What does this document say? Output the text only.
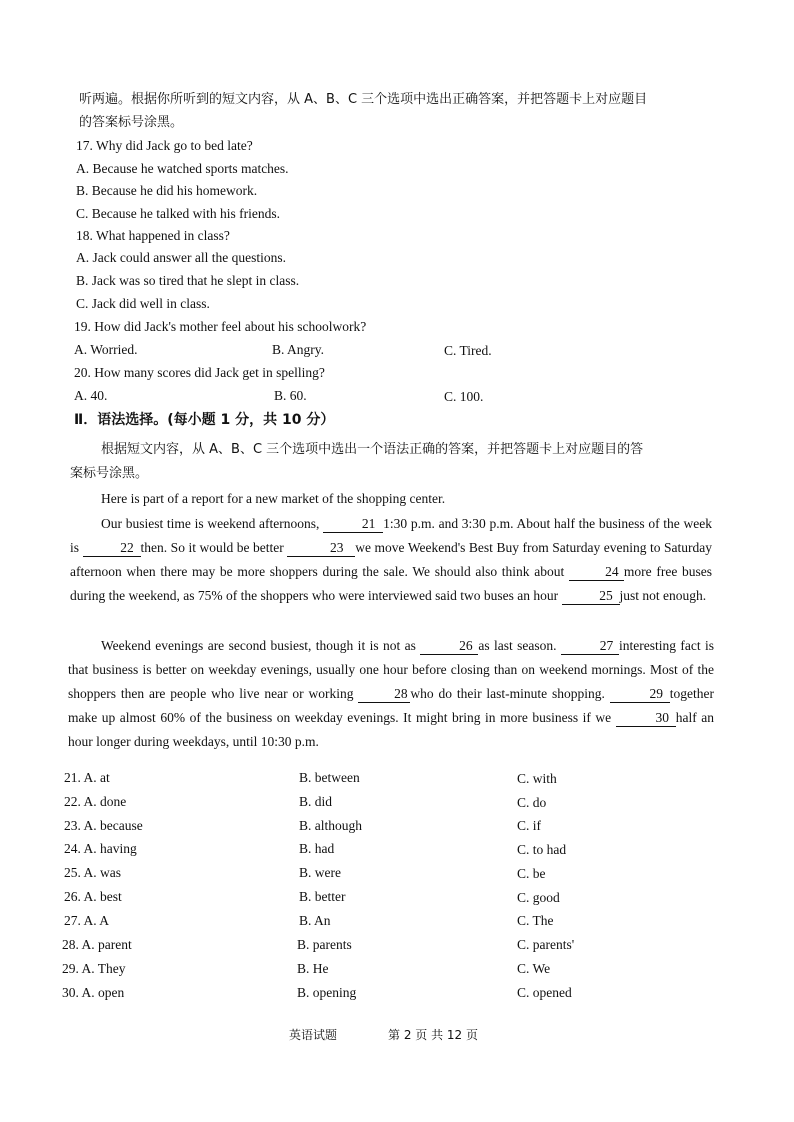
听两遍。根据你所听到的短文内容，从 A、B、C 三个选项中选出正确答案，并把答题卡上对应题目
的答案标号涂黑。
17. Why did Jack go to bed late?
A. Because he watched sports matches.
B. Because he did his homework.
C. Because he talked with his friends.
18. What happened in class?
A. Jack could answer all the questions.
B. Jack was so tired that he slept in class.
C. Jack did well in class.
19. How did Jack's mother feel about his schoolwork?
A. Worried.	B. Angry.	C. Tired.
20. How many scores did Jack get in spelling?
A. 40.	B. 60.	C. 100.
Ⅱ．语法选择。(每小题 1 分，共 10 分）
根据短文内容，从 A、B、C 三个选项中选出一个语法正确的答案，并把答题卡上对应题目的答
案标号涂黑。
Here is part of a report for a new market of the shopping center.
Our busiest time is weekend afternoons,	21 1:30 p.m. and 3:30 p.m. About half the business of the week is	22 then. So it would be better	23 we move Weekend's Best Buy from Saturday evening to Saturday afternoon when there may be more shoppers during the sale. We should also think about	24 more free buses during the weekend, as 75% of the shoppers who were interviewed said two buses an hour	25 just not enough.
Weekend evenings are second busiest, though it is not as	26 as last season.	27 interesting fact is that business is better on weekday evenings, usually one hour before closing than on weekend mornings. Most of the shoppers then are people who live near or working	28 who do their last-minute shopping.	29 together make up almost 60% of the business on weekday evenings. It might bring in more business if we	30 half an hour longer during weekdays, until 10:30 p.m.
21. A. at	B. between	C. with
22. A. done	B. did	C. do
23. A. because	B. although	C. if
24. A. having	B. had	C. to had
25. A. was	B. were	C. be
26. A. best	B. better	C. good
27. A. A	B. An	C. The
28. A. parent	B. parents	C. parents'
29. A. They	B. He	C. We
30. A. open	B. opening	C. opened
英语试题	第 2 页 共 12 页
